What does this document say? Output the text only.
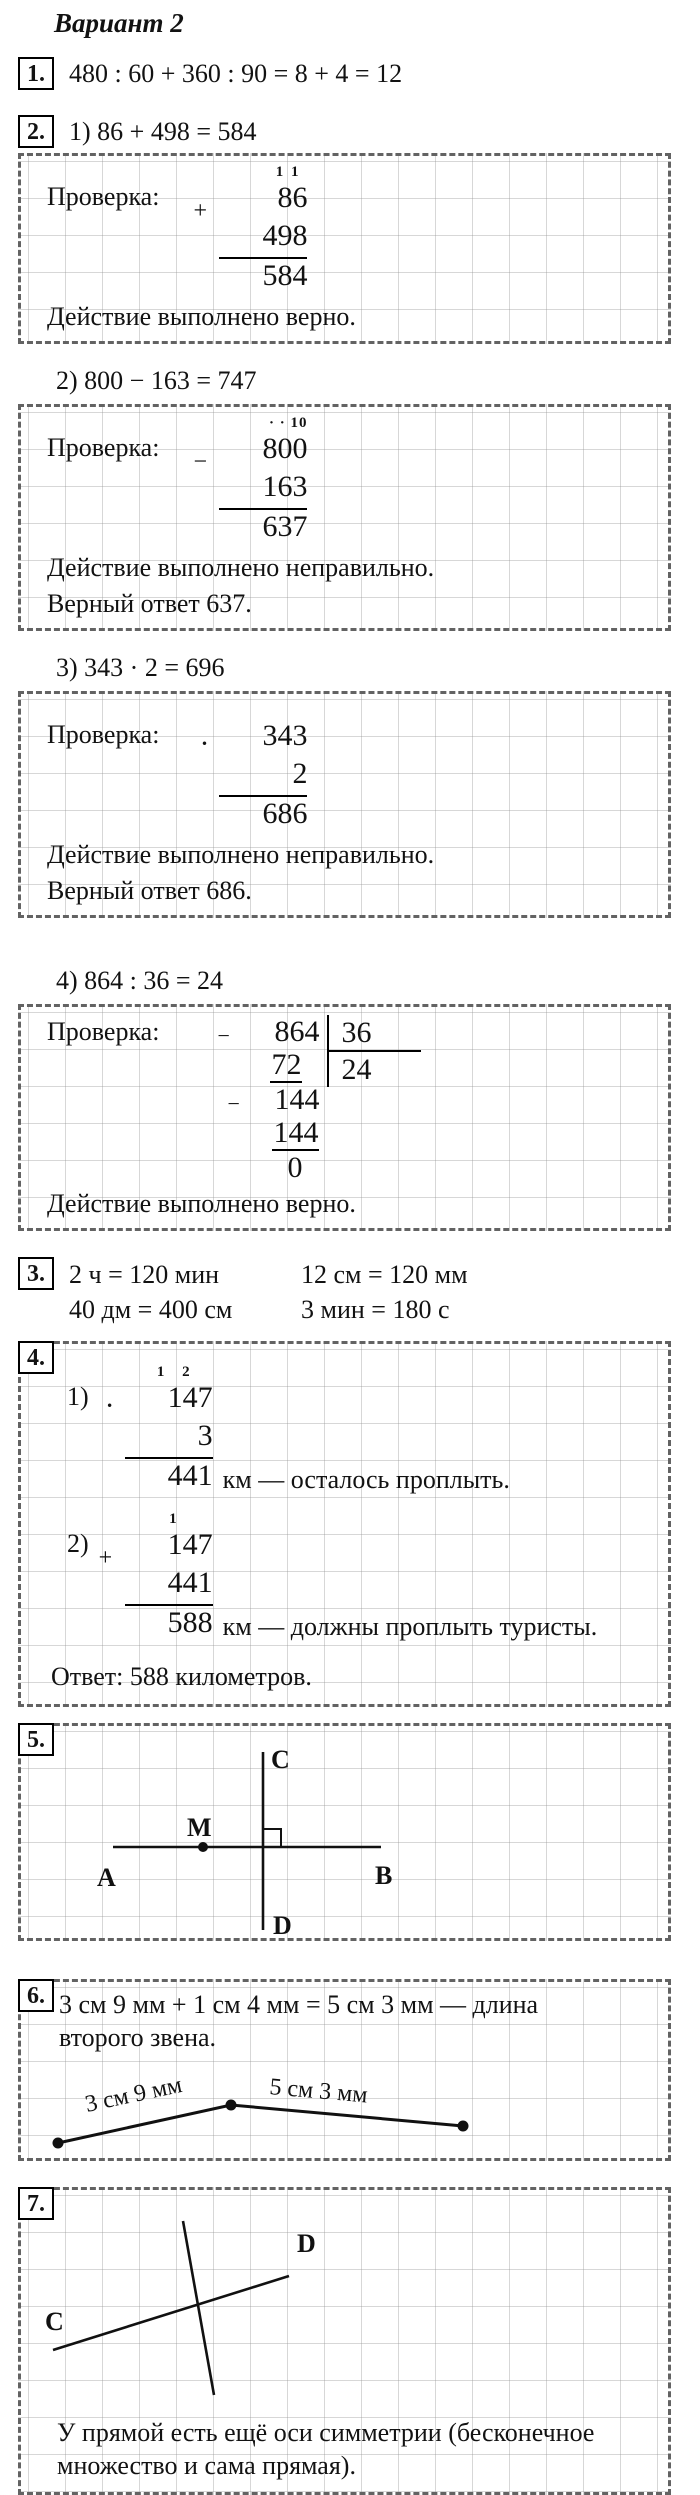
Вариант 2
1. 480 : 60 + 360 : 90 = 8 + 4 = 12
2. 1) 86 + 498 = 584
Проверка:
1 1
+ 86
498
584
Действие выполнено верно.
2) 800 − 163 = 747
Проверка:
· · 10
− 800
163
637
Действие выполнено неправильно.
Верный ответ 637.
3) 343 · 2 = 696
Проверка: · 343
2
686
Действие выполнено неправильно.
Верный ответ 686.
4) 864 : 36 = 24
Проверка:	− 864
72
− 144
144
0
36
24
Действие выполнено верно.
3. 2 ч = 120 мин	12 см = 120 мм
40 дм = 400 см	3 мин = 180 с
4.
1)
1 2
· 147
3
441 км — осталось проплыть.
2)
1
+ 147
441
588 км — должны проплыть туристы.
Ответ: 588 километров.
5.
M
A	B
C
D
6. 3 см 9 мм + 1 см 4 мм = 5 см 3 мм — длина
второго звена.
3 см 9 мм	5 см 3 мм
7.
C
D
У прямой есть ещё оси симметрии (бесконечное
множество и сама прямая).
